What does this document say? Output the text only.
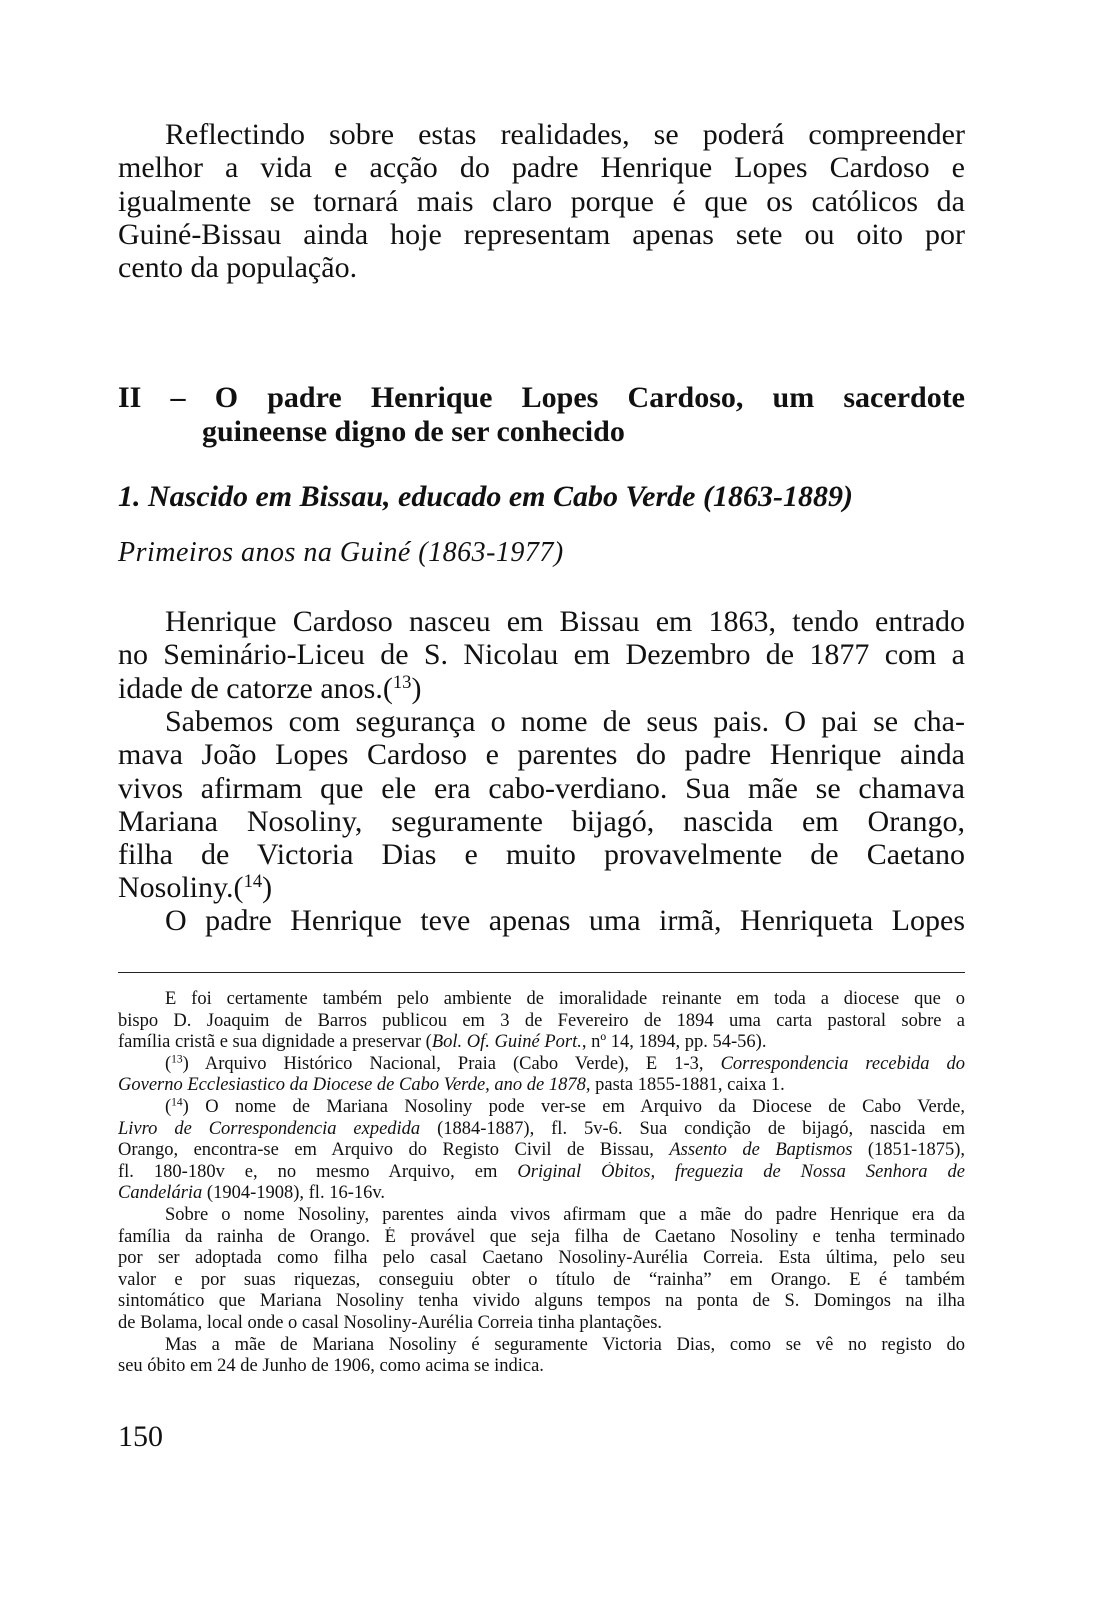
Reflectindo sobre estas realidades, se poderá compreender
melhor a vida e acção do padre Henrique Lopes Cardoso e
igualmente se tornará mais claro porque é que os católicos da
Guiné-Bissau ainda hoje representam apenas sete ou oito por
cento da população.
II – O padre Henrique Lopes Cardoso, um sacerdote
guineense digno de ser conhecido
1. Nascido em Bissau, educado em Cabo Verde (1863-1889)
Primeiros anos na Guiné (1863-1977)
Henrique Cardoso nasceu em Bissau em 1863, tendo entrado
no Seminário-Liceu de S. Nicolau em Dezembro de 1877 com a
idade de catorze anos.($^{13}$)
Sabemos com segurança o nome de seus pais. O pai se cha-
mava João Lopes Cardoso e parentes do padre Henrique ainda
vivos afirmam que ele era cabo-verdiano. Sua mãe se chamava
Mariana Nosoliny, seguramente bijagó, nascida em Orango,
filha de Victoria Dias e muito provavelmente de Caetano
Nosoliny.($^{14}$)
O padre Henrique teve apenas uma irmã, Henriqueta Lopes
E foi certamente também pelo ambiente de imoralidade reinante em toda a diocese que o
bispo D. Joaquim de Barros publicou em 3 de Fevereiro de 1894 uma carta pastoral sobre a
família cristã e sua dignidade a preservar (Bol. Of. Guiné Port., nº 14, 1894, pp. 54-56).
($^{13}$) Arquivo Histórico Nacional, Praia (Cabo Verde), E 1-3, Correspondencia recebida do
Governo Ecclesiastico da Diocese de Cabo Verde, ano de 1878, pasta 1855-1881, caixa 1.
($^{14}$) O nome de Mariana Nosoliny pode ver-se em Arquivo da Diocese de Cabo Verde,
Livro de Correspondencia expedida (1884-1887), fl. 5v-6. Sua condição de bijagó, nascida em
Orango, encontra-se em Arquivo do Registo Civil de Bissau, Assento de Baptismos (1851-1875),
fl. 180-180v e, no mesmo Arquivo, em Original Óbitos, freguezia de Nossa Senhora de
Candelária (1904-1908), fl. 16-16v.
Sobre o nome Nosoliny, parentes ainda vivos afirmam que a mãe do padre Henrique era da
família da rainha de Orango. É provável que seja filha de Caetano Nosoliny e tenha terminado
por ser adoptada como filha pelo casal Caetano Nosoliny-Aurélia Correia. Esta última, pelo seu
valor e por suas riquezas, conseguiu obter o título de “rainha” em Orango. E é também
sintomático que Mariana Nosoliny tenha vivido alguns tempos na ponta de S. Domingos na ilha
de Bolama, local onde o casal Nosoliny-Aurélia Correia tinha plantações.
Mas a mãe de Mariana Nosoliny é seguramente Victoria Dias, como se vê no registo do
seu óbito em 24 de Junho de 1906, como acima se indica.
150
